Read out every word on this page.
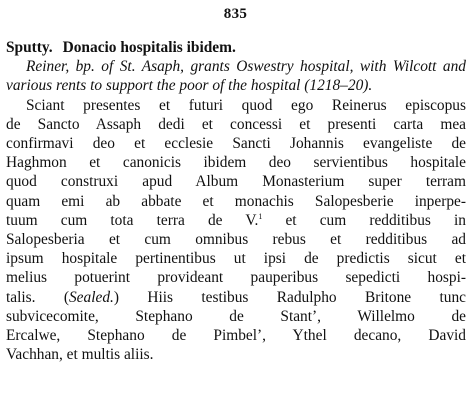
835

Sputty. Donacio hospitalis ibidem.

Reiner, bp. of St. Asaph, grants Oswestry hospital, with Wilcott and various rents to support the poor of the hospital (1218–20).

Sciant presentes et futuri quod ego Reinerus episcopus
de Sancto Assaph dedi et concessi et presenti carta mea
confirmavi deo et ecclesie Sancti Johannis evangeliste de
Haghmon et canonicis ibidem deo servientibus hospitale
quod construxi apud Album Monasterium super terram
quam emi ab abbate et monachis Salopesberie inperpe-
tuum cum tota terra de V.$^1$ et cum redditibus in
Salopesberia et cum omnibus rebus et redditibus ad
ipsum hospitale pertinentibus ut ipsi de predictis sicut et
melius potuerint provideant pauperibus sepedicti hospi-
talis. (Sealed.) Hiis testibus Radulpho Britone tunc
subvicecomite, Stephano de Stant’, Willelmo de
Ercalwe, Stephano de Pimbel’, Ythel decano, David
Vachhan, et multis aliis.
